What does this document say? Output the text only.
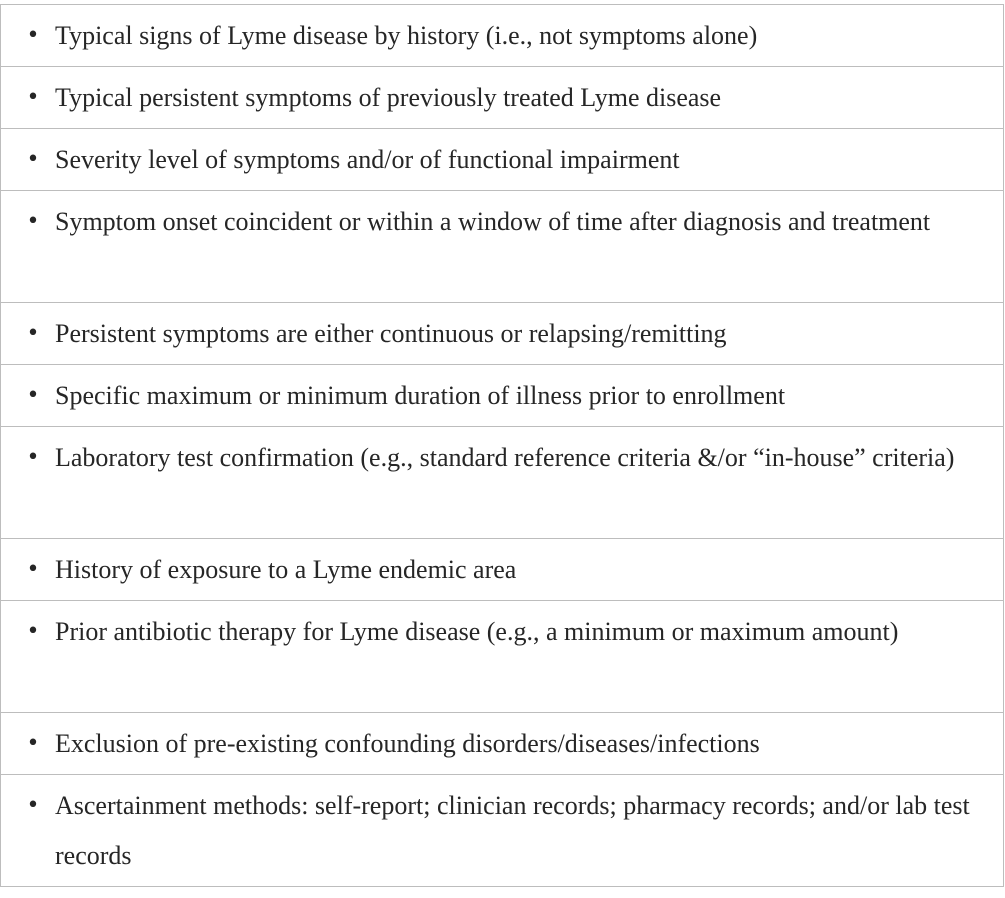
• Typical signs of Lyme disease by history (i.e., not symptoms alone)
• Typical persistent symptoms of previously treated Lyme disease
• Severity level of symptoms and/or of functional impairment
• Symptom onset coincident or within a window of time after diagnosis and treatment
• Persistent symptoms are either continuous or relapsing/remitting
• Specific maximum or minimum duration of illness prior to enrollment
• Laboratory test confirmation (e.g., standard reference criteria &/or “in-house” criteria)
• History of exposure to a Lyme endemic area
• Prior antibiotic therapy for Lyme disease (e.g., a minimum or maximum amount)
• Exclusion of pre-existing confounding disorders/diseases/infections
• Ascertainment methods: self-report; clinician records; pharmacy records; and/or lab test records
